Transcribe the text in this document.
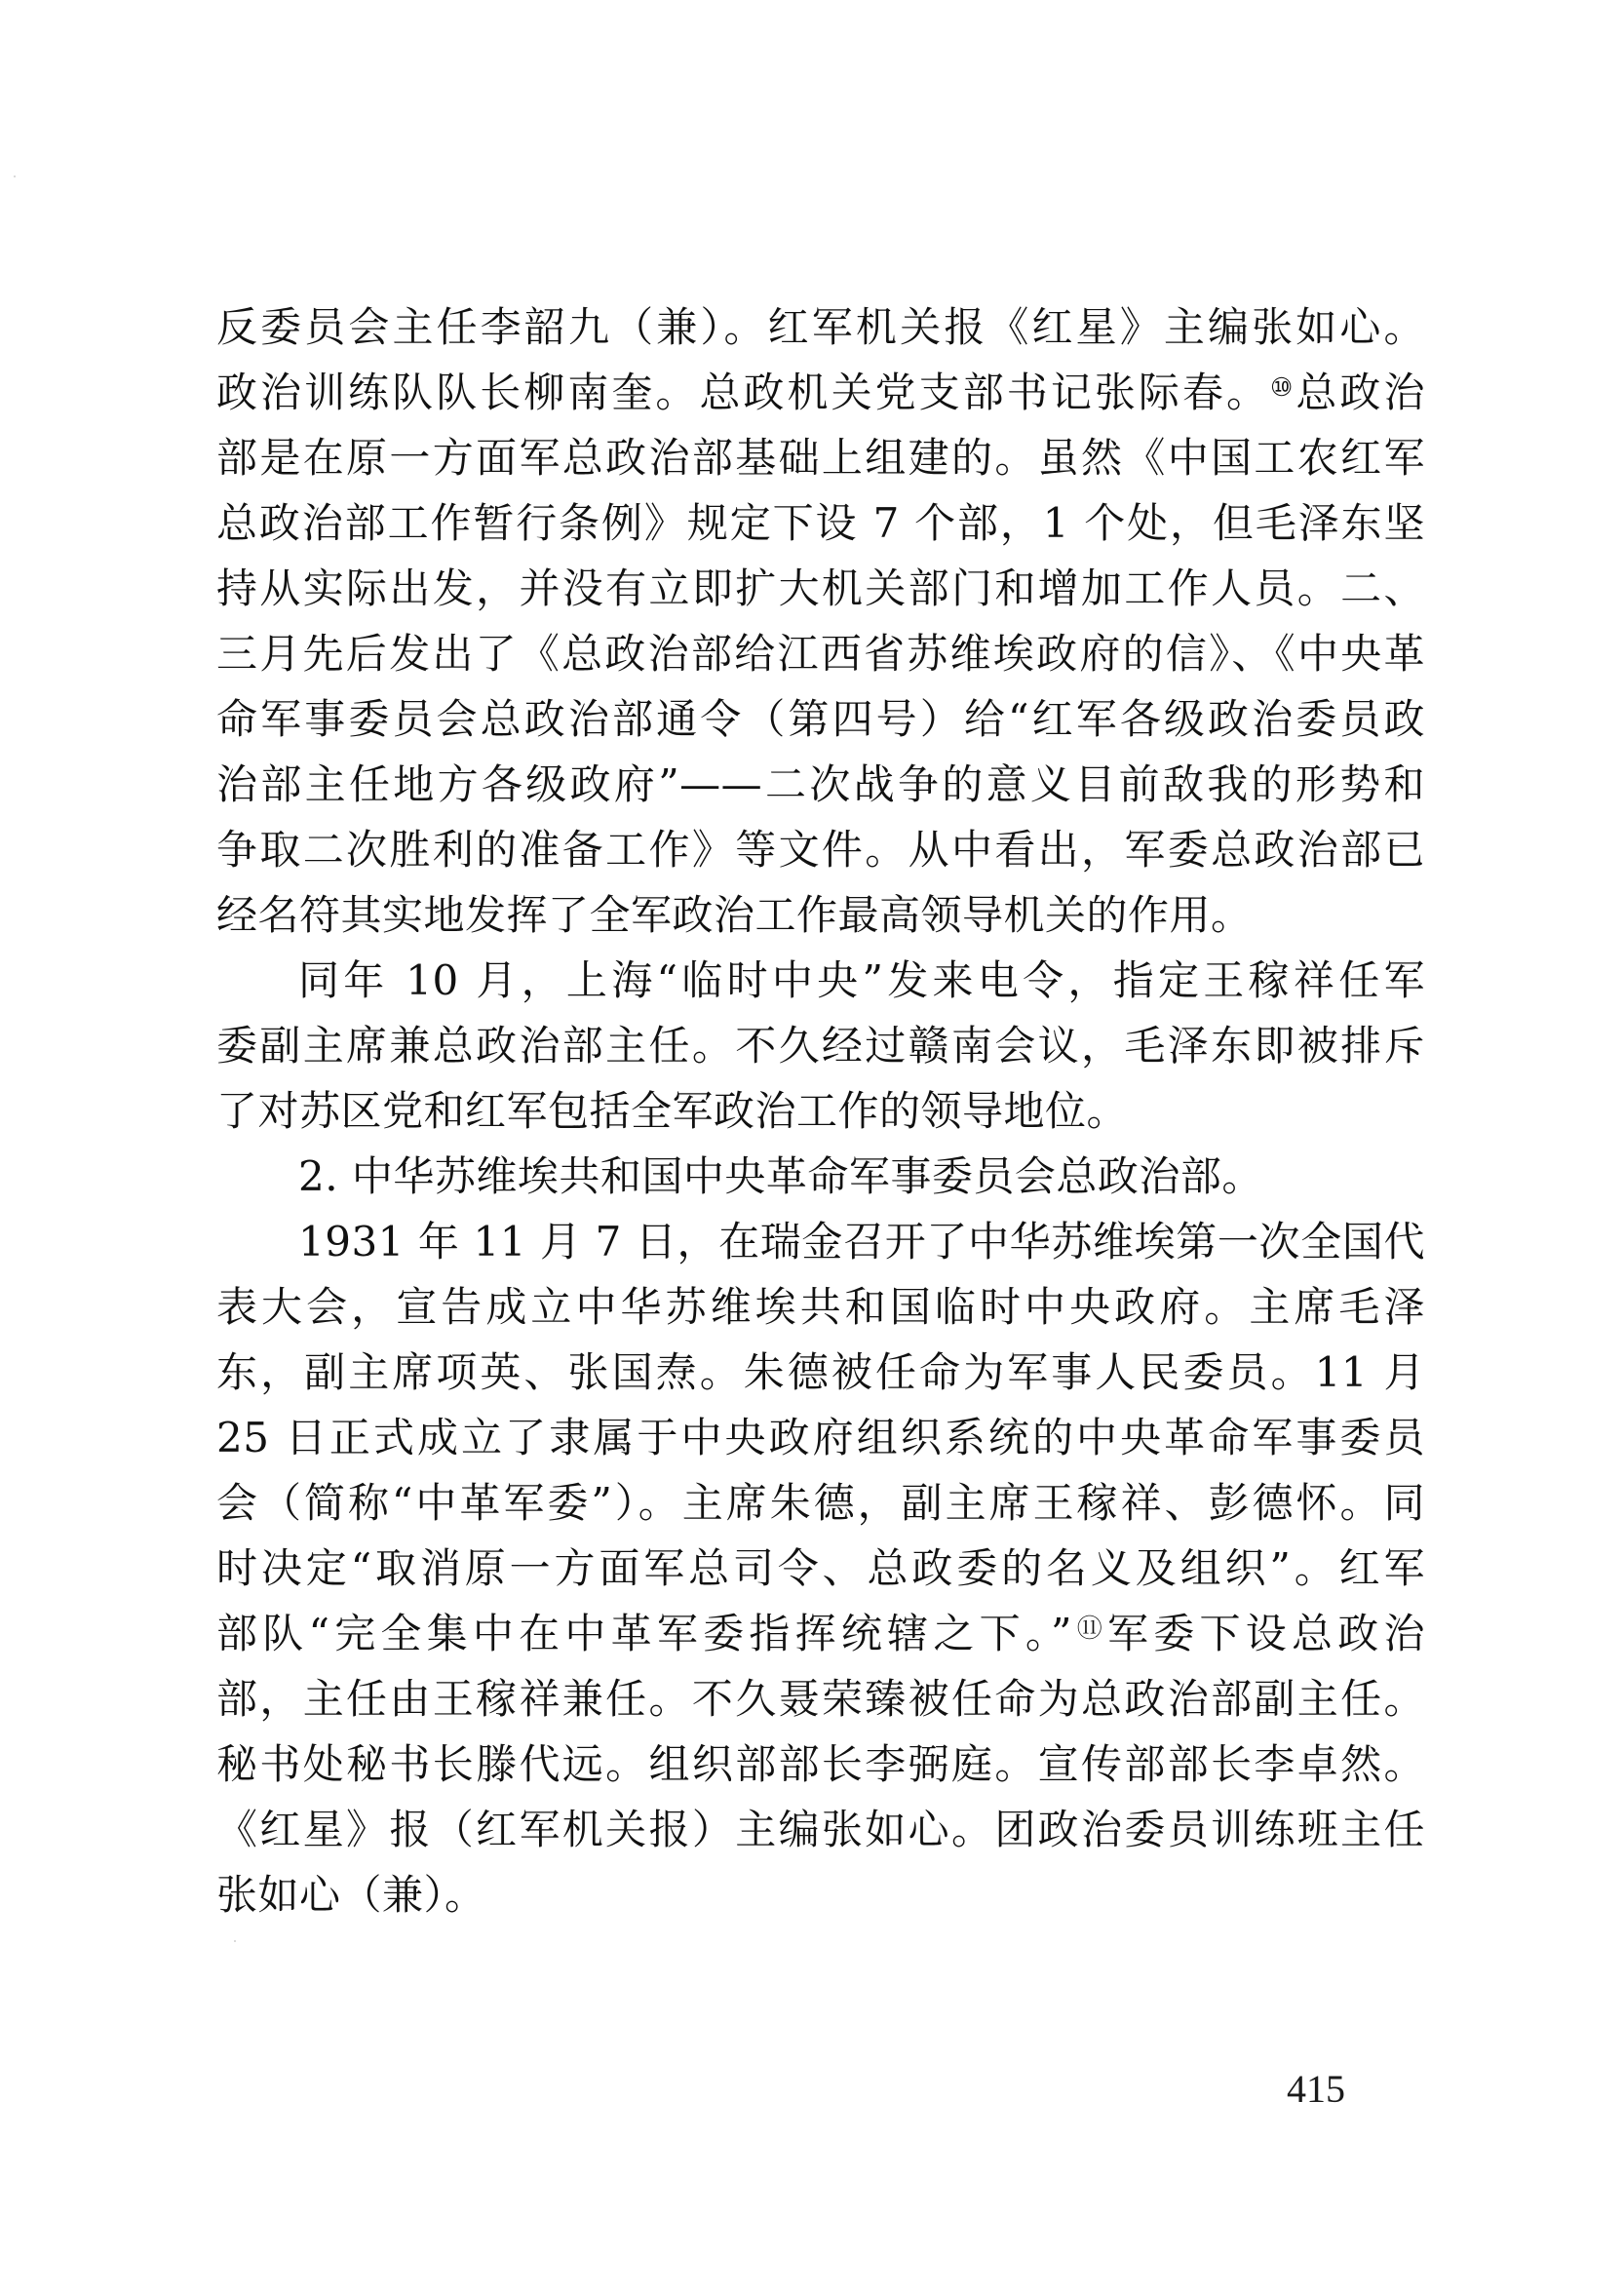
反委员会主任李韶九（兼）。红军机关报《红星》主编张如心。
政治训练队队长柳南奎。总政机关党支部书记张际春。⑩总政治
部是在原一方面军总政治部基础上组建的。虽然《中国工农红军
总政治部工作暂行条例》规定下设 7 个部，1 个处，但毛泽东坚
持从实际出发，并没有立即扩大机关部门和增加工作人员。二、
三月先后发出了《总政治部给江西省苏维埃政府的信》、《中央革
命军事委员会总政治部通令（第四号）给“红军各级政治委员政
治部主任地方各级政府”——二次战争的意义目前敌我的形势和
争取二次胜利的准备工作》等文件。从中看出，军委总政治部已
经名符其实地发挥了全军政治工作最高领导机关的作用。
同年 10 月，上海“临时中央”发来电令，指定王稼祥任军
委副主席兼总政治部主任。不久经过赣南会议，毛泽东即被排斥
了对苏区党和红军包括全军政治工作的领导地位。
2. 中华苏维埃共和国中央革命军事委员会总政治部。
1931 年 11 月 7 日，在瑞金召开了中华苏维埃第一次全国代
表大会，宣告成立中华苏维埃共和国临时中央政府。主席毛泽
东，副主席项英、张国焘。朱德被任命为军事人民委员。11 月
25 日正式成立了隶属于中央政府组织系统的中央革命军事委员
会（简称“中革军委”）。主席朱德，副主席王稼祥、彭德怀。同
时决定“取消原一方面军总司令、总政委的名义及组织”。红军
部队“完全集中在中革军委指挥统辖之下。”⑪军委下设总政治
部，主任由王稼祥兼任。不久聂荣臻被任命为总政治部副主任。
秘书处秘书长滕代远。组织部部长李弼庭。宣传部部长李卓然。
《红星》报（红军机关报）主编张如心。团政治委员训练班主任
张如心（兼）。
415
